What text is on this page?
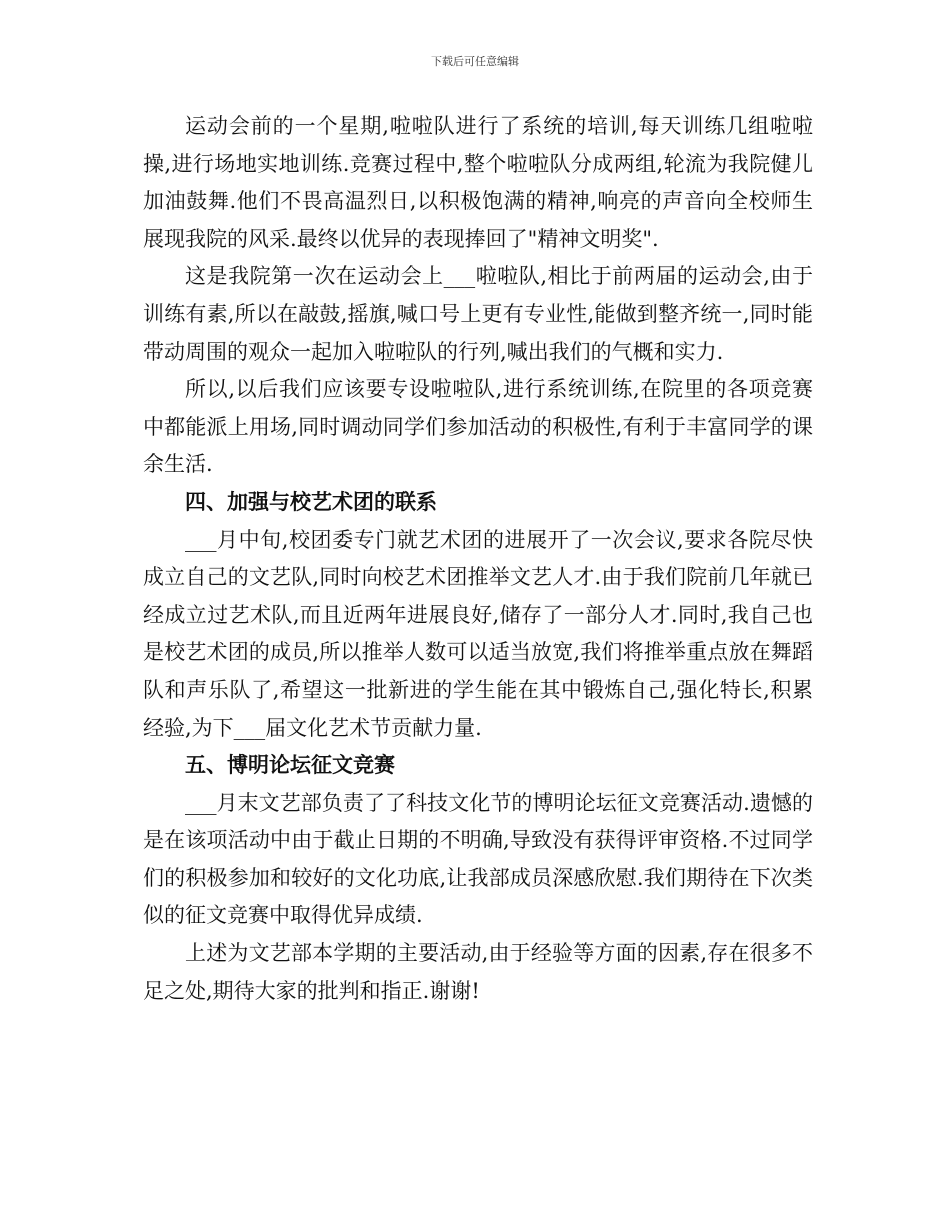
下载后可任意编辑

运动会前的一个星期,啦啦队进行了系统的培训,每天训练几组啦啦操,进行场地实地训练.竞赛过程中,整个啦啦队分成两组,轮流为我院健儿加油鼓舞.他们不畏高温烈日,以积极饱满的精神,响亮的声音向全校师生展现我院的风采.最终以优异的表现捧回了"精神文明奖".

这是我院第一次在运动会上___啦啦队,相比于前两届的运动会,由于训练有素,所以在敲鼓,摇旗,喊口号上更有专业性,能做到整齐统一,同时能带动周围的观众一起加入啦啦队的行列,喊出我们的气概和实力.

所以,以后我们应该要专设啦啦队,进行系统训练,在院里的各项竞赛中都能派上用场,同时调动同学们参加活动的积极性,有利于丰富同学的课余生活.

四、加强与校艺术团的联系

___月中旬,校团委专门就艺术团的进展开了一次会议,要求各院尽快成立自己的文艺队,同时向校艺术团推举文艺人才.由于我们院前几年就已经成立过艺术队,而且近两年进展良好,储存了一部分人才.同时,我自己也是校艺术团的成员,所以推举人数可以适当放宽,我们将推举重点放在舞蹈队和声乐队了,希望这一批新进的学生能在其中锻炼自己,强化特长,积累经验,为下___届文化艺术节贡献力量.

五、博明论坛征文竞赛

___月末文艺部负责了了科技文化节的博明论坛征文竞赛活动.遗憾的是在该项活动中由于截止日期的不明确,导致没有获得评审资格.不过同学们的积极参加和较好的文化功底,让我部成员深感欣慰.我们期待在下次类似的征文竞赛中取得优异成绩.

上述为文艺部本学期的主要活动,由于经验等方面的因素,存在很多不足之处,期待大家的批判和指正.谢谢!
